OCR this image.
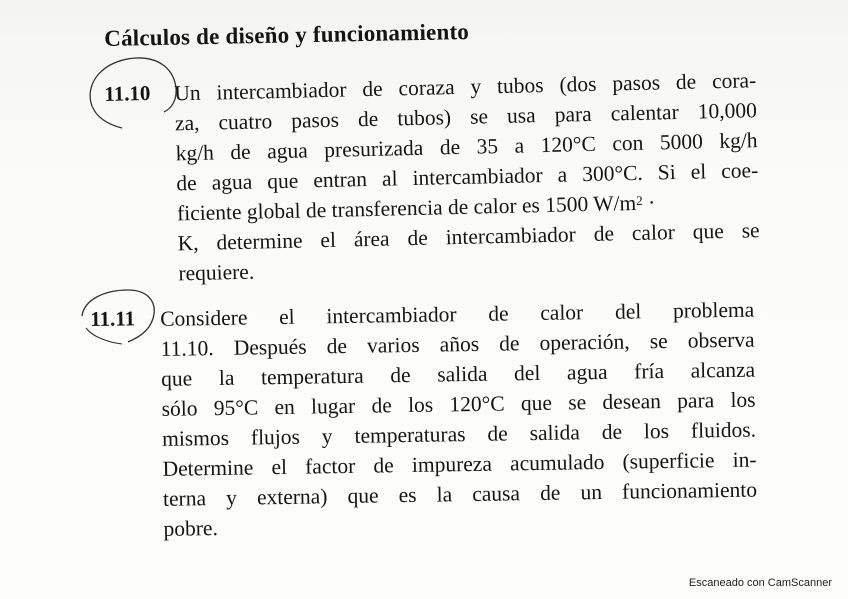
Cálculos de diseño y funcionamiento
11.10 Un intercambiador de coraza y tubos (dos pasos de cora-
za, cuatro pasos de tubos) se usa para calentar 10,000
kg/h de agua presurizada de 35 a 120°C con 5000 kg/h
de agua que entran al intercambiador a 300°C. Si el coe-
ficiente global de transferencia de calor es 1500 $W/m^2$ ·
K, determine el área de intercambiador de calor que se
requiere.
11.11 Considere el intercambiador de calor del problema
11.10. Después de varios años de operación, se observa
que la temperatura de salida del agua fría alcanza
sólo 95°C en lugar de los 120°C que se desean para los
mismos flujos y temperaturas de salida de los fluidos.
Determine el factor de impureza acumulado (superficie in-
terna y externa) que es la causa de un funcionamiento
pobre.
Escaneado con CamScanner
